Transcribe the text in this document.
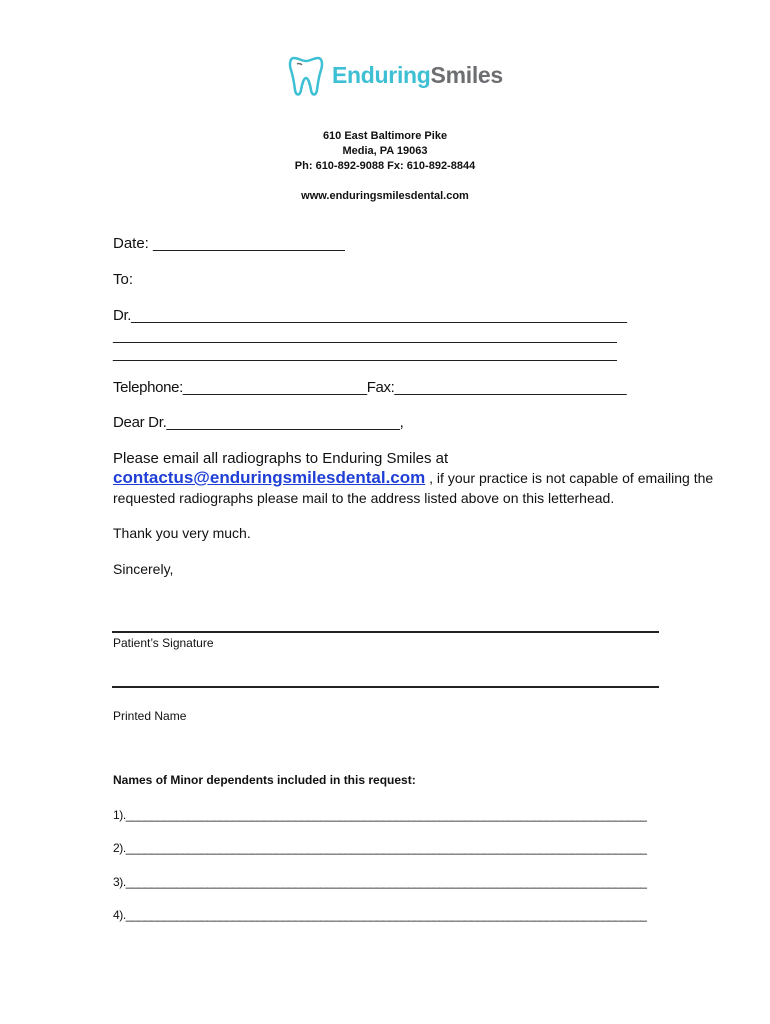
EnduringSmiles
610 East Baltimore Pike
Media, PA 19063
Ph: 610-892-9088 Fx: 610-892-8844
www.enduringsmilesdental.com
Date: _______________________
To:
Dr.______________________________________________________________
_______________________________________________________________
_______________________________________________________________
Telephone:_______________________Fax:_____________________________
Dear Dr._____________________________,
Please email all radiographs to Enduring Smiles at
contactus@enduringsmilesdental.com , if your practice is not capable of emailing the
requested radiographs please mail to the address listed above on this letterhead.
Thank you very much.
Sincerely,
Patient’s Signature
Printed Name
Names of Minor dependents included in this request:
1).___________________________________________________________________________________
2).___________________________________________________________________________________
3).___________________________________________________________________________________
4).___________________________________________________________________________________
